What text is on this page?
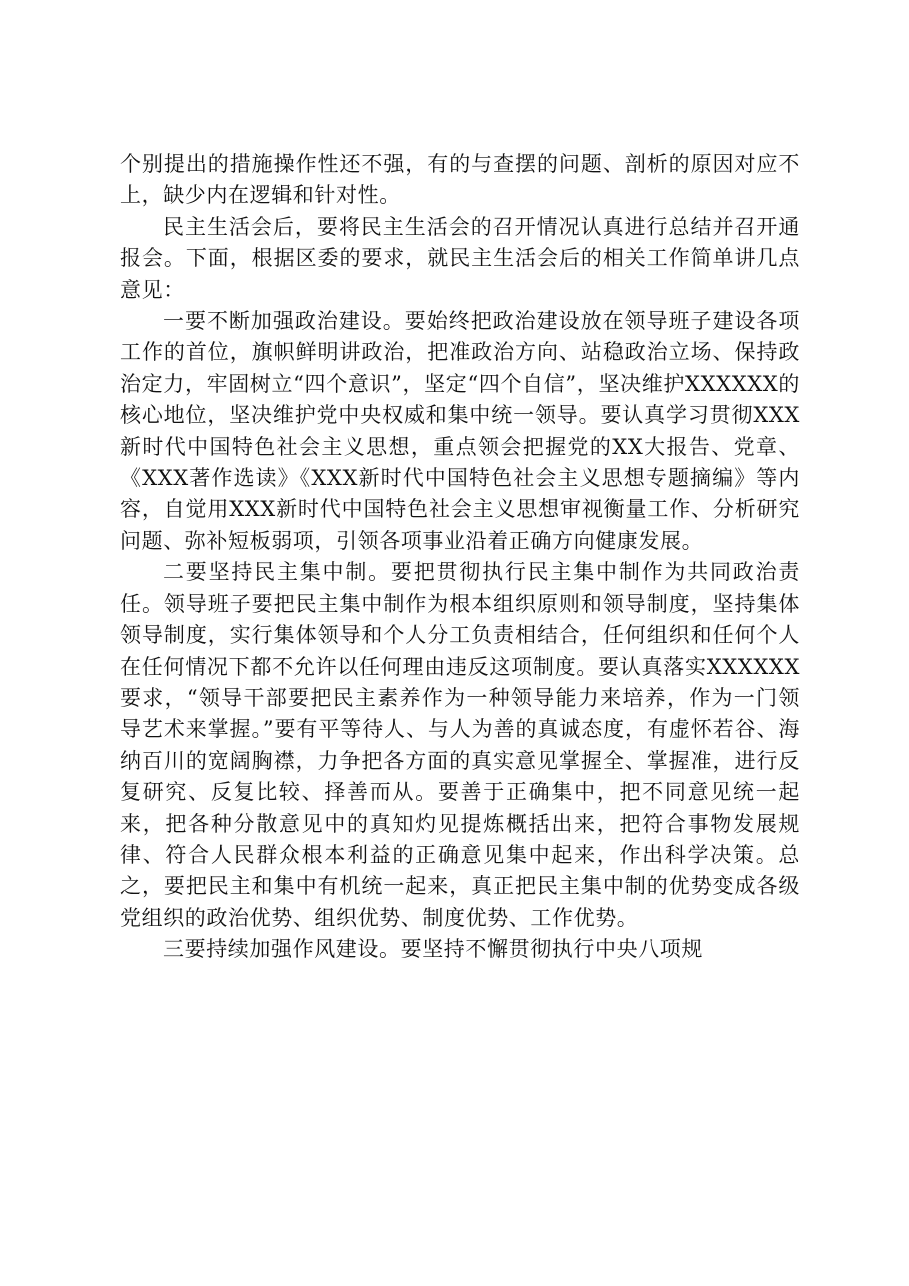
个别提出的措施操作性还不强，有的与查摆的问题、剖析的原因对应不上，缺少内在逻辑和针对性。

民主生活会后，要将民主生活会的召开情况认真进行总结并召开通报会。下面，根据区委的要求，就民主生活会后的相关工作简单讲几点意见：

一要不断加强政治建设。要始终把政治建设放在领导班子建设各项工作的首位，旗帜鲜明讲政治，把准政治方向、站稳政治立场、保持政治定力，牢固树立“四个意识”，坚定“四个自信”，坚决维护XXXXXX的核心地位，坚决维护党中央权威和集中统一领导。要认真学习贯彻XXX新时代中国特色社会主义思想，重点领会把握党的XX大报告、党章、《XXX著作选读》《XXX新时代中国特色社会主义思想专题摘编》等内容，自觉用XXX新时代中国特色社会主义思想审视衡量工作、分析研究问题、弥补短板弱项，引领各项事业沿着正确方向健康发展。

二要坚持民主集中制。要把贯彻执行民主集中制作为共同政治责任。领导班子要把民主集中制作为根本组织原则和领导制度，坚持集体领导制度，实行集体领导和个人分工负责相结合，任何组织和任何个人在任何情况下都不允许以任何理由违反这项制度。要认真落实XXXXXX要求，“领导干部要把民主素养作为一种领导能力来培养，作为一门领导艺术来掌握。”要有平等待人、与人为善的真诚态度，有虚怀若谷、海纳百川的宽阔胸襟，力争把各方面的真实意见掌握全、掌握准，进行反复研究、反复比较、择善而从。要善于正确集中，把不同意见统一起来，把各种分散意见中的真知灼见提炼概括出来，把符合事物发展规律、符合人民群众根本利益的正确意见集中起来，作出科学决策。总之，要把民主和集中有机统一起来，真正把民主集中制的优势变成各级党组织的政治优势、组织优势、制度优势、工作优势。

三要持续加强作风建设。要坚持不懈贯彻执行中央八项规
